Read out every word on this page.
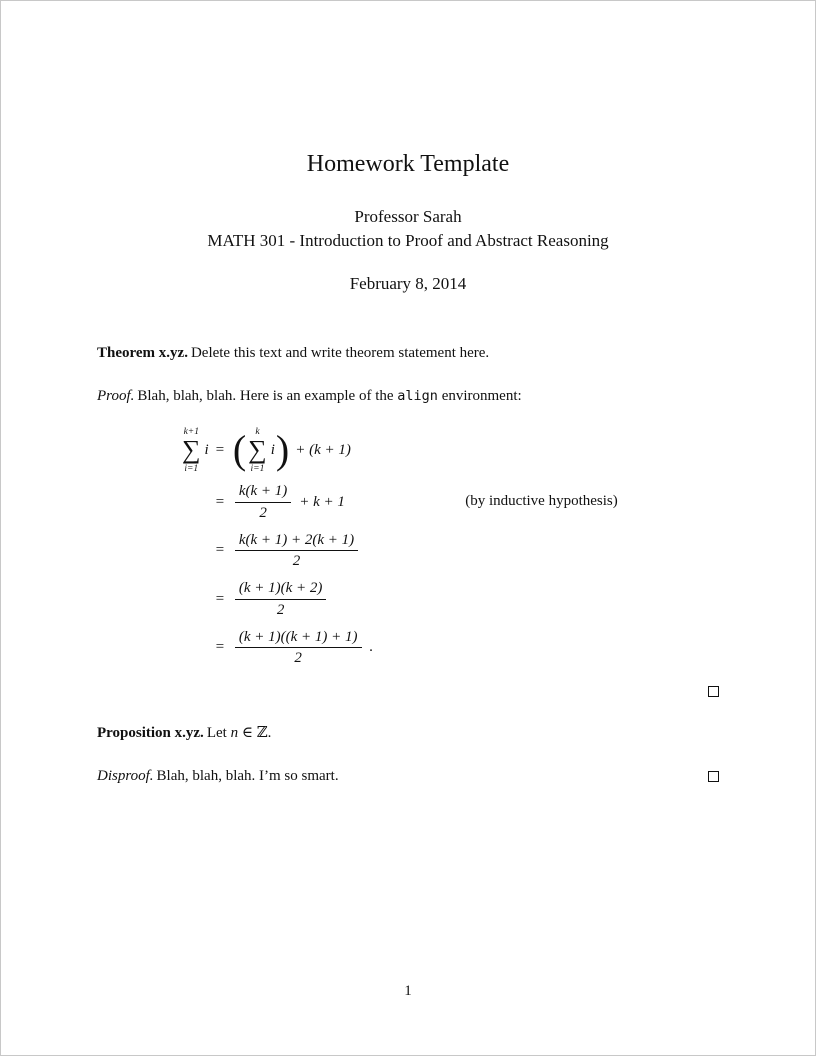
Homework Template
Professor Sarah
MATH 301 - Introduction to Proof and Abstract Reasoning
February 8, 2014

Theorem x.yz. Delete this text and write theorem statement here.

Proof. Blah, blah, blah. Here is an example of the align environment:

k+1
∑
i=1
i = ( k
∑
i=1
i) + (k + 1)
= $\frac{k(k + 1)}{2} + k + 1$	(by inductive hypothesis)
= $\frac{k(k + 1) + 2(k + 1)}{2}$
= $\frac{(k + 1)(k + 2)}{2}$
= $\frac{(k + 1)((k + 1) + 1)}{2}$ .

Proposition x.yz. Let n ∈ ℤ.

Disproof. Blah, blah, blah. I’m so smart.
1
